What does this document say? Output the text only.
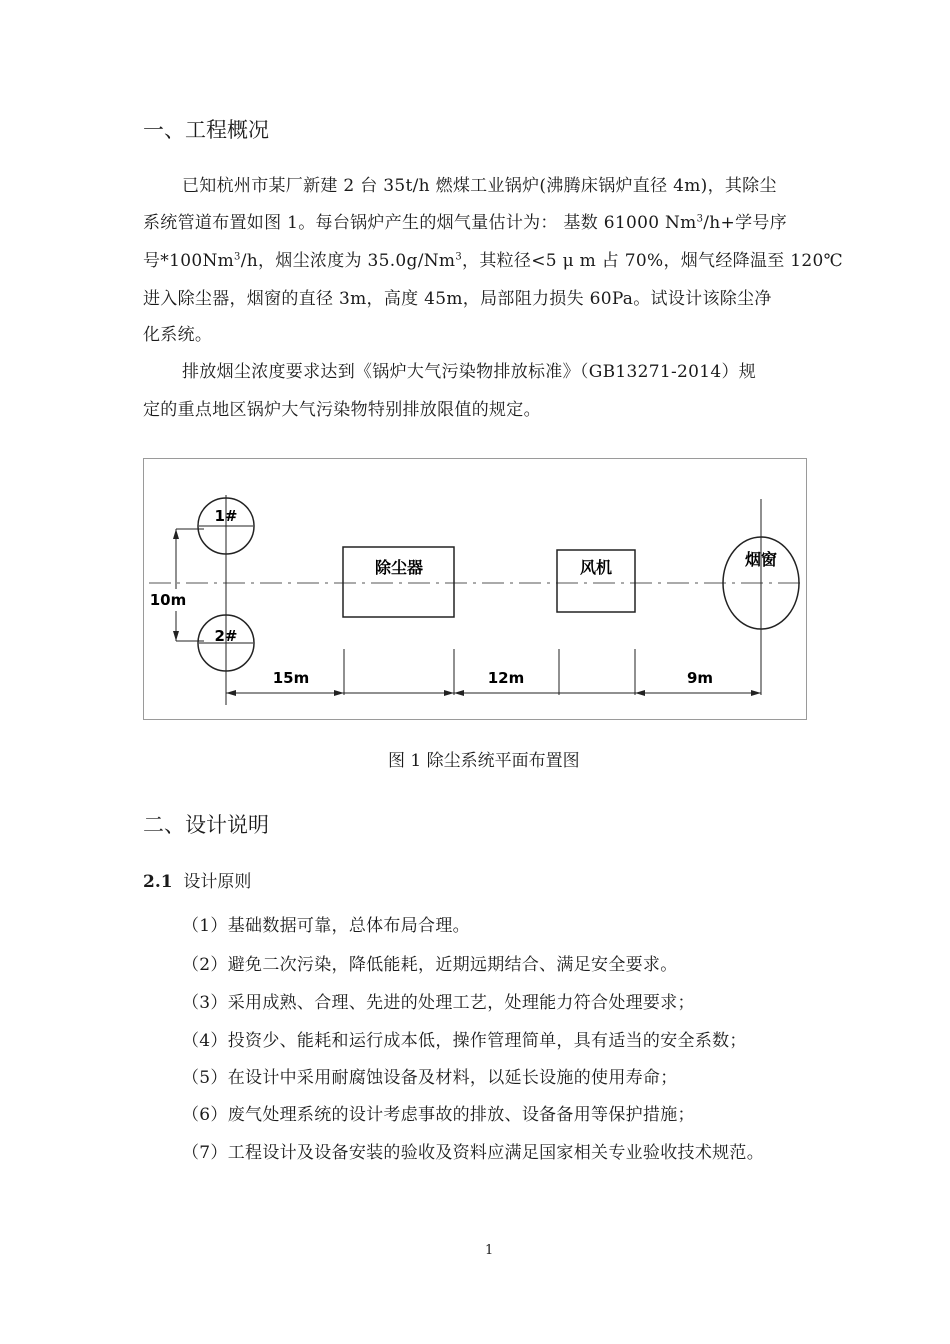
一、工程概况
已知杭州市某厂新建 2 台 35t/h 燃煤工业锅炉(沸腾床锅炉直径 4m)，其除尘
系统管道布置如图 1。每台锅炉产生的烟气量估计为： 基数 61000 $Nm^3/h+$学号序
号*100Nm$^3$/h，烟尘浓度为 35.0g/Nm$^3$，其粒径<5 μ m 占 70%，烟气经降温至 120℃
进入除尘器，烟窗的直径 3m，高度 45m，局部阻力损失 60Pa。试设计该除尘净
化系统。
排放烟尘浓度要求达到《锅炉大气污染物排放标准》（GB13271-2014）规
定的重点地区锅炉大气污染物特别排放限值的规定。
1#
2#
10m
除尘器	风机	烟窗
15m	12m	9m
图 1 除尘系统平面布置图
二、设计说明
2.1 设计原则
（1）基础数据可靠，总体布局合理。
（2）避免二次污染，降低能耗，近期远期结合、满足安全要求。
（3）采用成熟、合理、先进的处理工艺，处理能力符合处理要求；
（4）投资少、能耗和运行成本低，操作管理简单，具有适当的安全系数；
（5）在设计中采用耐腐蚀设备及材料，以延长设施的使用寿命；
（6）废气处理系统的设计考虑事故的排放、设备备用等保护措施；
（7）工程设计及设备安装的验收及资料应满足国家相关专业验收技术规范。
1
